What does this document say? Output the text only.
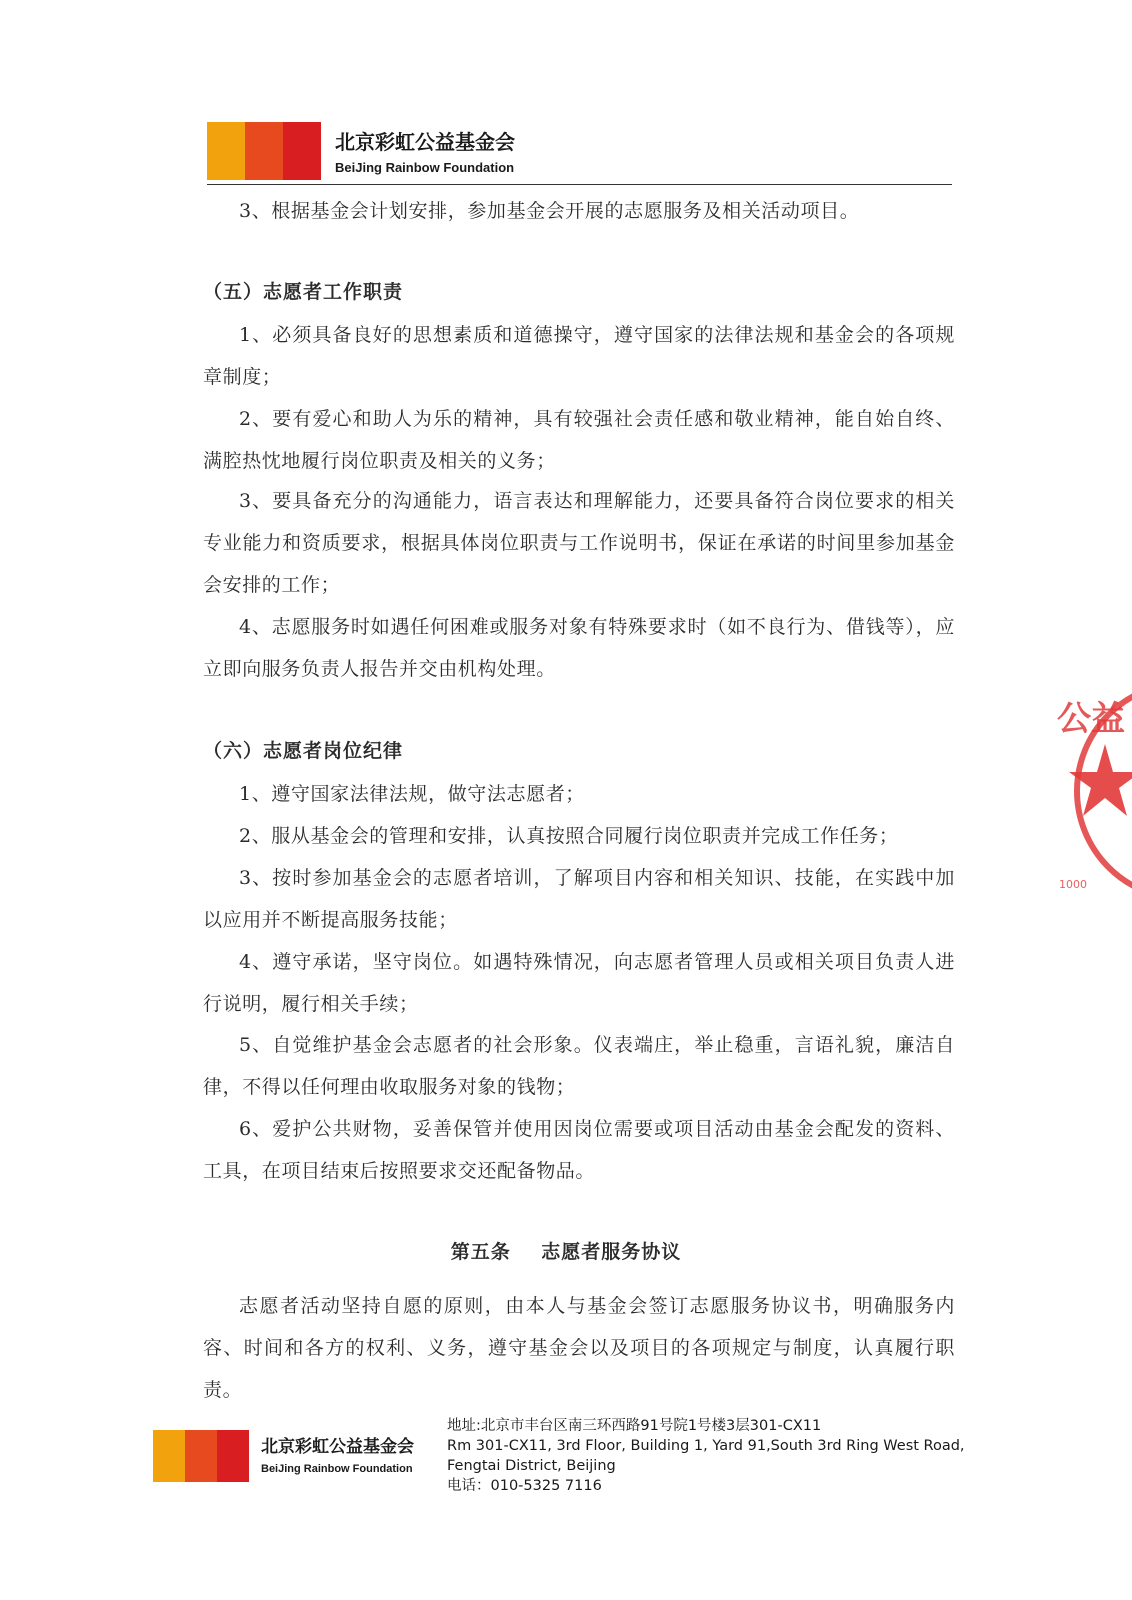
北京彩虹公益基金会
BeiJing Rainbow Foundation

3、根据基金会计划安排，参加基金会开展的志愿服务及相关活动项目。

（五）志愿者工作职责

1、必须具备良好的思想素质和道德操守，遵守国家的法律法规和基金会的各项规章制度；

2、要有爱心和助人为乐的精神，具有较强社会责任感和敬业精神，能自始自终、满腔热忱地履行岗位职责及相关的义务；

3、要具备充分的沟通能力，语言表达和理解能力，还要具备符合岗位要求的相关专业能力和资质要求，根据具体岗位职责与工作说明书，保证在承诺的时间里参加基金会安排的工作；

4、志愿服务时如遇任何困难或服务对象有特殊要求时（如不良行为、借钱等），应立即向服务负责人报告并交由机构处理。

（六）志愿者岗位纪律

1、遵守国家法律法规，做守法志愿者；

2、服从基金会的管理和安排，认真按照合同履行岗位职责并完成工作任务；

3、按时参加基金会的志愿者培训，了解项目内容和相关知识、技能，在实践中加以应用并不断提高服务技能；

4、遵守承诺，坚守岗位。如遇特殊情况，向志愿者管理人员或相关项目负责人进行说明，履行相关手续；

5、自觉维护基金会志愿者的社会形象。仪表端庄，举止稳重，言语礼貌，廉洁自律，不得以任何理由收取服务对象的钱物；

6、爱护公共财物，妥善保管并使用因岗位需要或项目活动由基金会配发的资料、工具，在项目结束后按照要求交还配备物品。

第五条    志愿者服务协议

志愿者活动坚持自愿的原则，由本人与基金会签订志愿服务协议书，明确服务内容、时间和各方的权利、义务，遵守基金会以及项目的各项规定与制度，认真履行职责。

北京彩虹公益基金会
BeiJing Rainbow Foundation
地址:北京市丰台区南三环西路91号院1号楼3层301-CX11
Rm 301-CX11, 3rd Floor, Building 1, Yard 91,South 3rd Ring West Road,
Fengtai District, Beijing
电话：010-5325 7116
公益
1000
